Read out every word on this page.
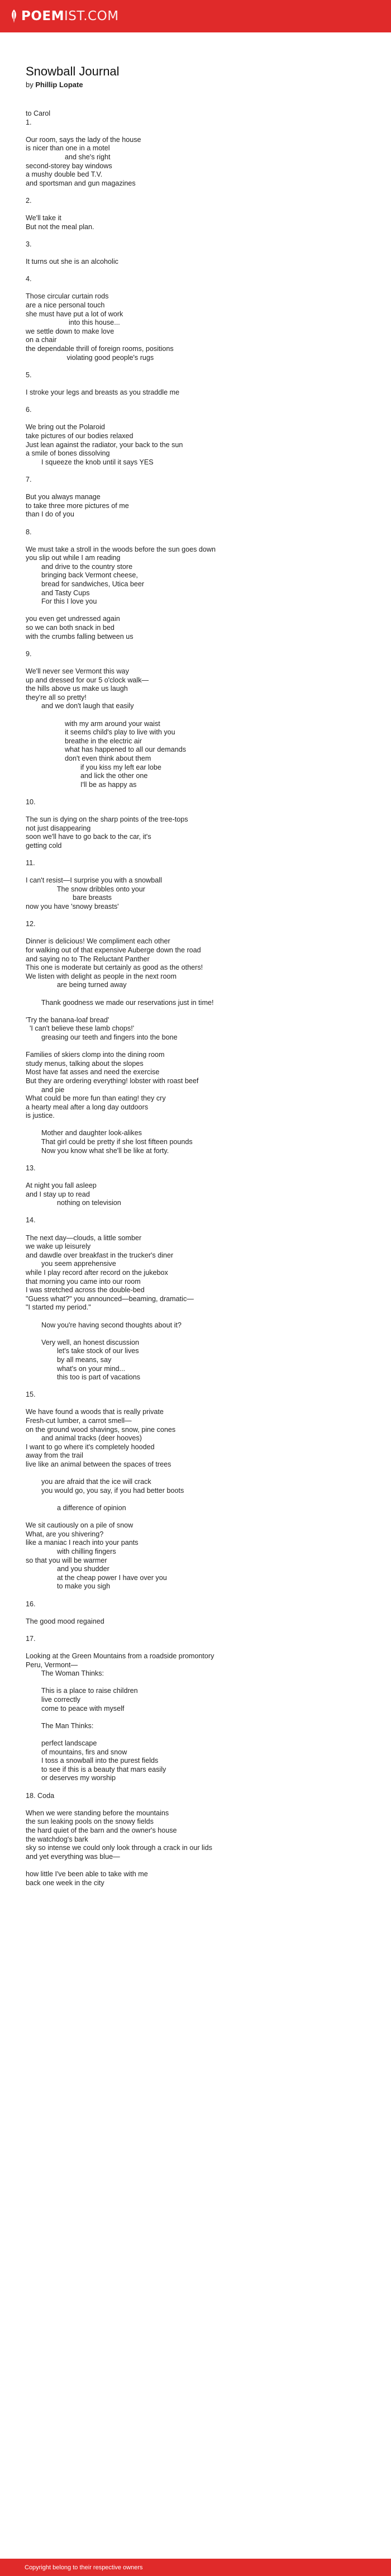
POEM IST.COM
Snowball Journal
by Phillip Lopate
to Carol
1.
Our room, says the lady of the house
is nicer than one in a motel
and she's right
second-storey bay windows
a mushy double bed T.V.
and sportsman and gun magazines
2.
We'll take it
But not the meal plan.
3.
It turns out she is an alcoholic
4.
Those circular curtain rods
are a nice personal touch
she must have put a lot of work
into this house...
we settle down to make love
on a chair
the dependable thrill of foreign rooms, positions
violating good people's rugs
5.
I stroke your legs and breasts as you straddle me
6.
We bring out the Polaroid
take pictures of our bodies relaxed
Just lean against the radiator, your back to the sun
a smile of bones dissolving
I squeeze the knob until it says YES
7.
But you always manage
to take three more pictures of me
than I do of you
8.
We must take a stroll in the woods before the sun goes down
you slip out while I am reading
and drive to the country store
bringing back Vermont cheese,
bread for sandwiches, Utica beer
and Tasty Cups
For this I love you
you even get undressed again
so we can both snack in bed
with the crumbs falling between us
9.
We'll never see Vermont this way
up and dressed for our 5 o'clock walk—
the hills above us make us laugh
they're all so pretty!
and we don't laugh that easily
with my arm around your waist
it seems child's play to live with you
breathe in the electric air
what has happened to all our demands
don't even think about them
if you kiss my left ear lobe
and lick the other one
I'll be as happy as
10.
The sun is dying on the sharp points of the tree-tops
not just disappearing
soon we'll have to go back to the car, it's
getting cold
11.
I can't resist—I surprise you with a snowball
The snow dribbles onto your
bare breasts
now you have 'snowy breasts'
12.
Dinner is delicious! We compliment each other
for walking out of that expensive Auberge down the road
and saying no to The Reluctant Panther
This one is moderate but certainly as good as the others!
We listen with delight as people in the next room
are being turned away
Thank goodness we made our reservations just in time!
'Try the banana-loaf bread'
'I can't believe these lamb chops!'
greasing our teeth and fingers into the bone
Families of skiers clomp into the dining room
study menus, talking about the slopes
Most have fat asses and need the exercise
But they are ordering everything! lobster with roast beef
and pie
What could be more fun than eating! they cry
a hearty meal after a long day outdoors
is justice.
Mother and daughter look-alikes
That girl could be pretty if she lost fifteen pounds
Now you know what she'll be like at forty.
13.
At night you fall asleep
and I stay up to read
nothing on television
14.
The next day—clouds, a little somber
we wake up leisurely
and dawdle over breakfast in the trucker's diner
you seem apprehensive
while I play record after record on the jukebox
that morning you came into our room
I was stretched across the double-bed
"Guess what?" you announced—beaming, dramatic—
"I started my period."
Now you're having second thoughts about it?
Very well, an honest discussion
let's take stock of our lives
by all means, say
what's on your mind...
this too is part of vacations
15.
We have found a woods that is really private
Fresh-cut lumber, a carrot smell—
on the ground wood shavings, snow, pine cones
and animal tracks (deer hooves)
I want to go where it's completely hooded
away from the trail
live like an animal between the spaces of trees
you are afraid that the ice will crack
you would go, you say, if you had better boots
a difference of opinion
We sit cautiously on a pile of snow
What, are you shivering?
like a maniac I reach into your pants
with chilling fingers
so that you will be warmer
and you shudder
at the cheap power I have over you
to make you sigh
16.
The good mood regained
17.
Looking at the Green Mountains from a roadside promontory
Peru, Vermont—
The Woman Thinks:
This is a place to raise children
live correctly
come to peace with myself
The Man Thinks:
perfect landscape
of mountains, firs and snow
I toss a snowball into the purest fields
to see if this is a beauty that mars easily
or deserves my worship
18. Coda
When we were standing before the mountains
the sun leaking pools on the snowy fields
the hard quiet of the barn and the owner's house
the watchdog's bark
sky so intense we could only look through a crack in our lids
and yet everything was blue—
how little I've been able to take with me
back one week in the city
Copyright belong to their respective owners
